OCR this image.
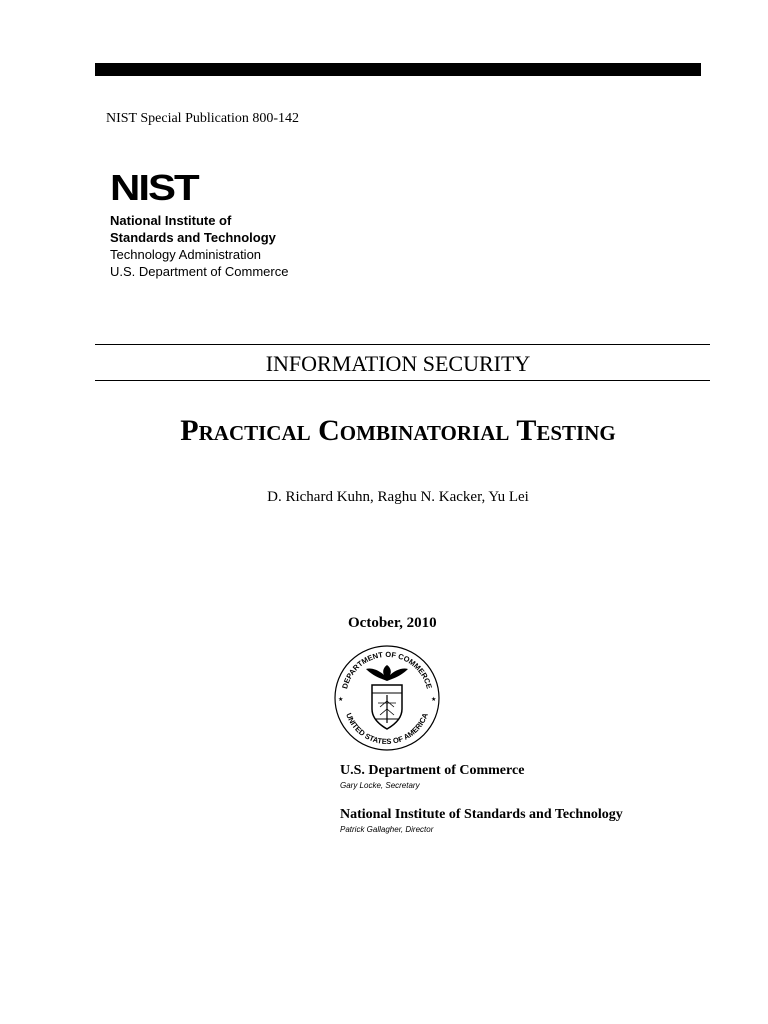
NIST Special Publication 800-142
NIST
National Institute of
Standards and Technology
Technology Administration
U.S. Department of Commerce
INFORMATION SECURITY
Practical Combinatorial Testing
D. Richard Kuhn, Raghu N. Kacker, Yu Lei
October, 2010
DEPARTMENT OF COMMERCE
UNITED STATES OF AMERICA
★	★
U.S. Department of Commerce
Gary Locke, Secretary
National Institute of Standards and Technology
Patrick Gallagher, Director
